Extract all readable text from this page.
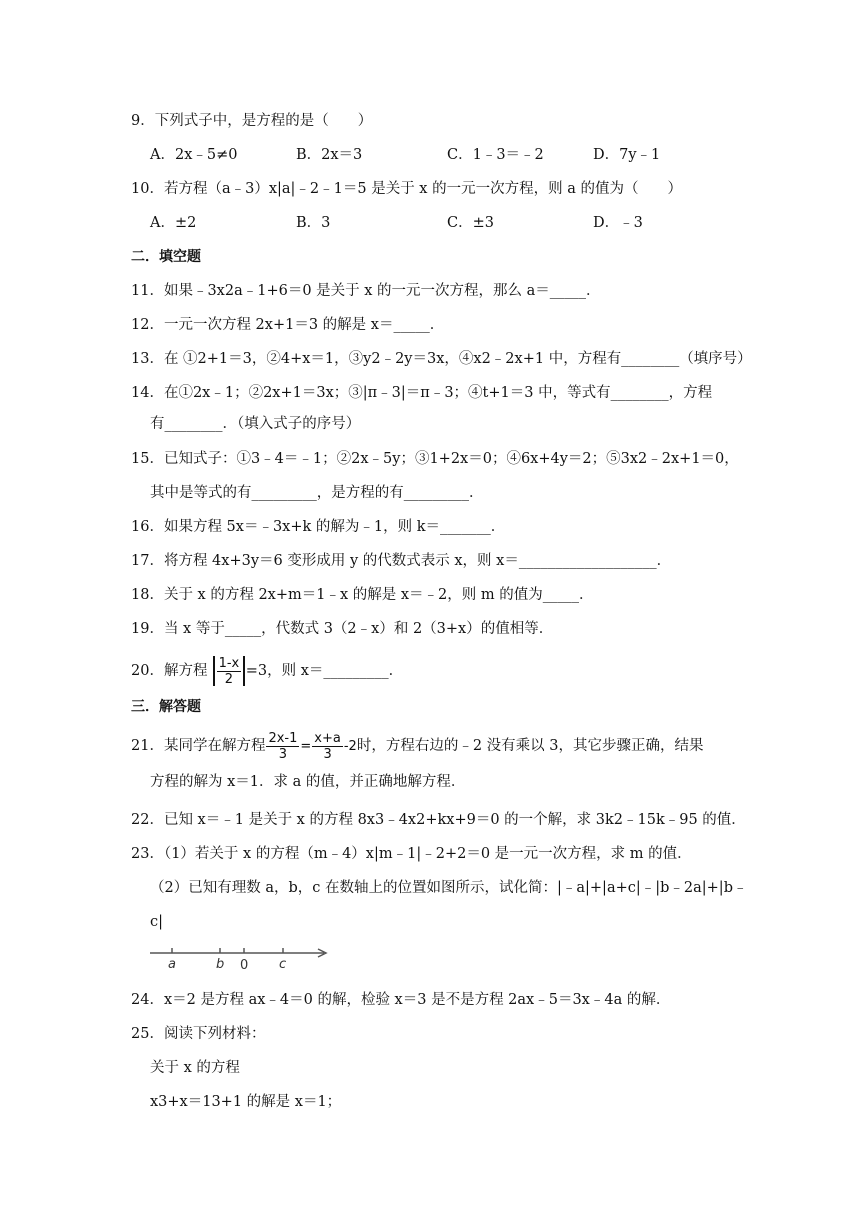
9．下列式子中，是方程的是（　　）
A．2x﹣5≠0	B．2x＝3	C．1﹣3＝﹣2	D．7y﹣1
10．若方程（a﹣3）x|a|﹣2﹣1＝5 是关于 x 的一元一次方程，则 a 的值为（　　）
A．±2	B．3	C．±3	D．﹣3
二．填空题
11．如果﹣3x2a﹣1+6＝0 是关于 x 的一元一次方程，那么 a＝_____．
12．一元一次方程 2x+1＝3 的解是 x＝_____．
13．在 ①2+1＝3，②4+x＝1，③y2﹣2y＝3x，④x2﹣2x+1 中，方程有________（填序号）
14．在①2x﹣1；②2x+1＝3x；③|π﹣3|＝π﹣3；④t+1＝3 中，等式有________，方程
有________．（填入式子的序号）
15．已知式子：①3﹣4＝﹣1；②2x﹣5y；③1+2x＝0；④6x+4y＝2；⑤3x2﹣2x+1＝0，
其中是等式的有_________，是方程的有_________．
16．如果方程 5x＝﹣3x+k 的解为﹣1，则 k＝_______．
17．将方程 4x+3y＝6 变形成用 y 的代数式表示 x，则 x＝___________________．
18．关于 x 的方程 2x+m＝1﹣x 的解是 x＝﹣2，则 m 的值为_____．
19．当 x 等于_____，代数式 3（2﹣x）和 2（3+x）的值相等．
20．解方程 $\frac{1-x}{2} =3$，则 x＝_________．
三．解答题
21．某同学在解方程 $\frac{2x-1}{3} = \frac{x+a}{3} -2$时，方程右边的﹣2 没有乘以 3，其它步骤正确，结果
方程的解为 x＝1．求 a 的值，并正确地解方程．
22．已知 x＝﹣1 是关于 x 的方程 8x3﹣4x2+kx+9＝0 的一个解，求 3k2﹣15k﹣95 的值．
23．（1）若关于 x 的方程（m﹣4）x|m﹣1|﹣2+2＝0 是一元一次方程，求 m 的值．
（2）已知有理数 a，b，c 在数轴上的位置如图所示，试化简：|﹣a|+|a+c|﹣|b﹣2a|+|b﹣
c|
a	b 0 c
24．x＝2 是方程 ax﹣4＝0 的解，检验 x＝3 是不是方程 2ax﹣5＝3x﹣4a 的解．
25．阅读下列材料：
关于 x 的方程
x3+x＝13+1 的解是 x＝1；
